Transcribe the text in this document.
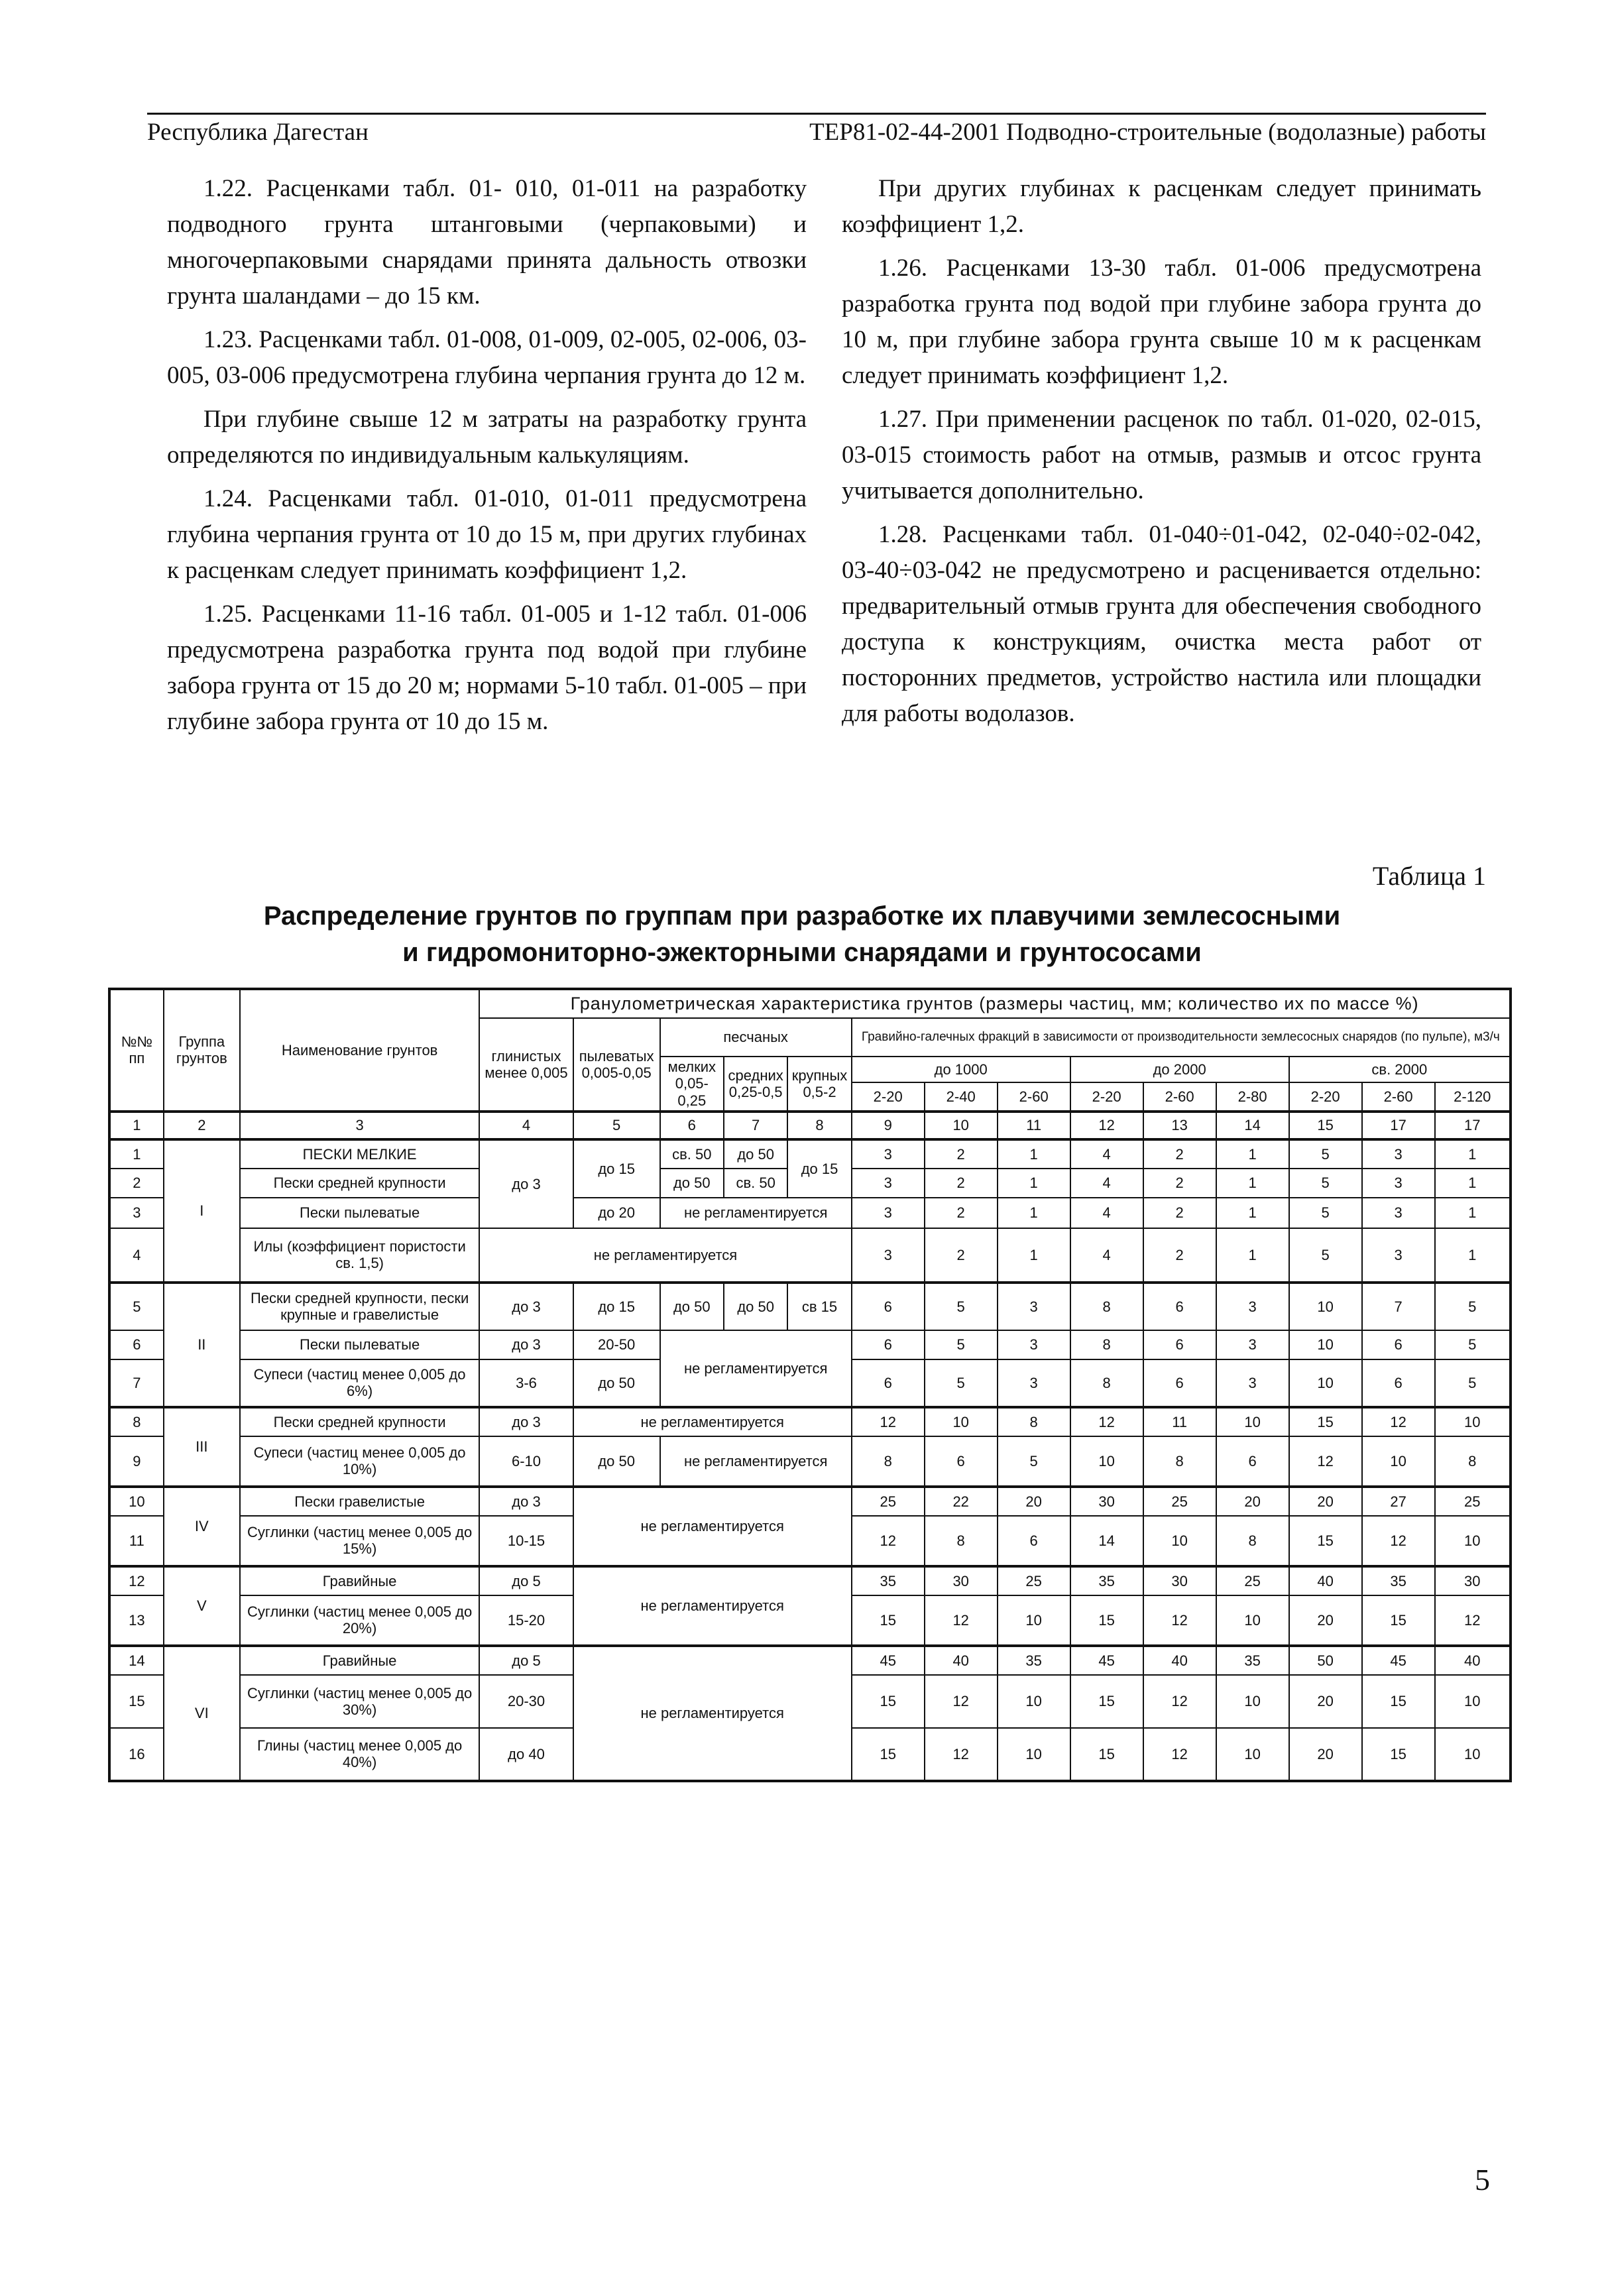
Республика Дагестан	ТЕР81-02-44-2001 Подводно-строительные (водолазные) работы

1.22. Расценками табл. 01- 010, 01-011 на разработку подводного грунта штанговыми (черпаковыми) и многочерпаковыми снарядами принята дальность отвозки грунта шаландами – до 15 км.

1.23. Расценками табл. 01-008, 01-009, 02-005, 02-006, 03-005, 03-006 предусмотрена глубина черпания грунта до 12 м.

При глубине свыше 12 м затраты на разработку грунта определяются по индивидуальным калькуляциям.

1.24. Расценками табл. 01-010, 01-011 предусмотрена глубина черпания грунта от 10 до 15 м, при других глубинах к расценкам следует принимать коэффициент 1,2.

1.25. Расценками 11-16 табл. 01-005 и 1-12 табл. 01-006 предусмотрена разработка грунта под водой при глубине забора грунта от 15 до 20 м; нормами 5-10 табл. 01-005 – при глубине забора грунта от 10 до 15 м.

При других глубинах к расценкам следует принимать коэффициент 1,2.

1.26. Расценками 13-30 табл. 01-006 предусмотрена разработка грунта под водой при глубине забора грунта до 10 м, при глубине забора грунта свыше 10 м к расценкам следует принимать коэффициент 1,2.

1.27. При применении расценок по табл. 01-020, 02-015, 03-015 стоимость работ на отмыв, размыв и отсос грунта учитывается дополнительно.

1.28. Расценками табл. 01-040÷01-042, 02-040÷02-042, 03-40÷03-042 не предусмотрено и расценивается отдельно: предварительный отмыв грунта для обеспечения свободного доступа к конструкциям, очистка места работ от посторонних предметов, устройство настила или площадки для работы водолазов.

Таблица 1
Распределение грунтов по группам при разработке их плавучими землесосными
и гидромониторно-эжекторными снарядами и грунтососами
№№ пп	Группа грунтов	Наименование грунтов	Гранулометрическая характеристика грунтов (размеры частиц, мм; количество их по массе %)													
			глинистых менее 0,005	пылеватых 0,005-0,05	песчаных			Гравийно-галечных фракций в зависимости от производительности землесосных снарядов (по пульпе), м3/ч								
					мелких 0,05-0,25	средних 0,25-0,5	крупных 0,5-2	до 1000			до 2000			св. 2000		
								2-20	2-40	2-60	2-20	2-60	2-80	2-20	2-60	2-120
1	2	3	4	5	6	7	8	9	10	11	12	13	14	15	17	17
1	I	ПЕСКИ МЕЛКИЕ	до 3	до 15	св. 50	до 50	до 15	3	2	1	4	2	1	5	3	1
2		Пески средней крупности			до 50	св. 50		3	2	1	4	2	1	5	3	1
3		Пески пылеватые		до 20	не регламентируется			3	2	1	4	2	1	5	3	1
4		Илы (коэффициент пористости св. 1,5)	не регламентируется					3	2	1	4	2	1	5	3	1
5	II	Пески средней крупности, пески крупные и гравелистые	до 3	до 15	до 50	до 50	св 15	6	5	3	8	6	3	10	7	5
6		Пески пылеватые	до 3	20-50	не регламентируется			6	5	3	8	6	3	10	6	5
7		Супеси (частиц менее 0,005 до 6%)	3-6	до 50				6	5	3	8	6	3	10	6	5
8	III	Пески средней крупности	до 3	не регламентируется				12	10	8	12	11	10	15	12	10
9		Супеси (частиц менее 0,005 до 10%)	6-10	до 50	не регламентируется			8	6	5	10	8	6	12	10	8
10	IV	Пески гравелистые	до 3	не регламентируется				25	22	20	30	25	20	20	27	25
11		Суглинки (частиц менее 0,005 до 15%)	10-15					12	8	6	14	10	8	15	12	10
12	V	Гравийные	до 5	не регламентируется				35	30	25	35	30	25	40	35	30
13		Суглинки (частиц менее 0,005 до 20%)	15-20					15	12	10	15	12	10	20	15	12
14	VI	Гравийные	до 5	не регламентируется				45	40	35	45	40	35	50	45	40
15		Суглинки (частиц менее 0,005 до 30%)	20-30					15	12	10	15	12	10	20	15	10
16		Глины (частиц менее 0,005 до 40%)	до 40					15	12	10	15	12	10	20	15	10
5
